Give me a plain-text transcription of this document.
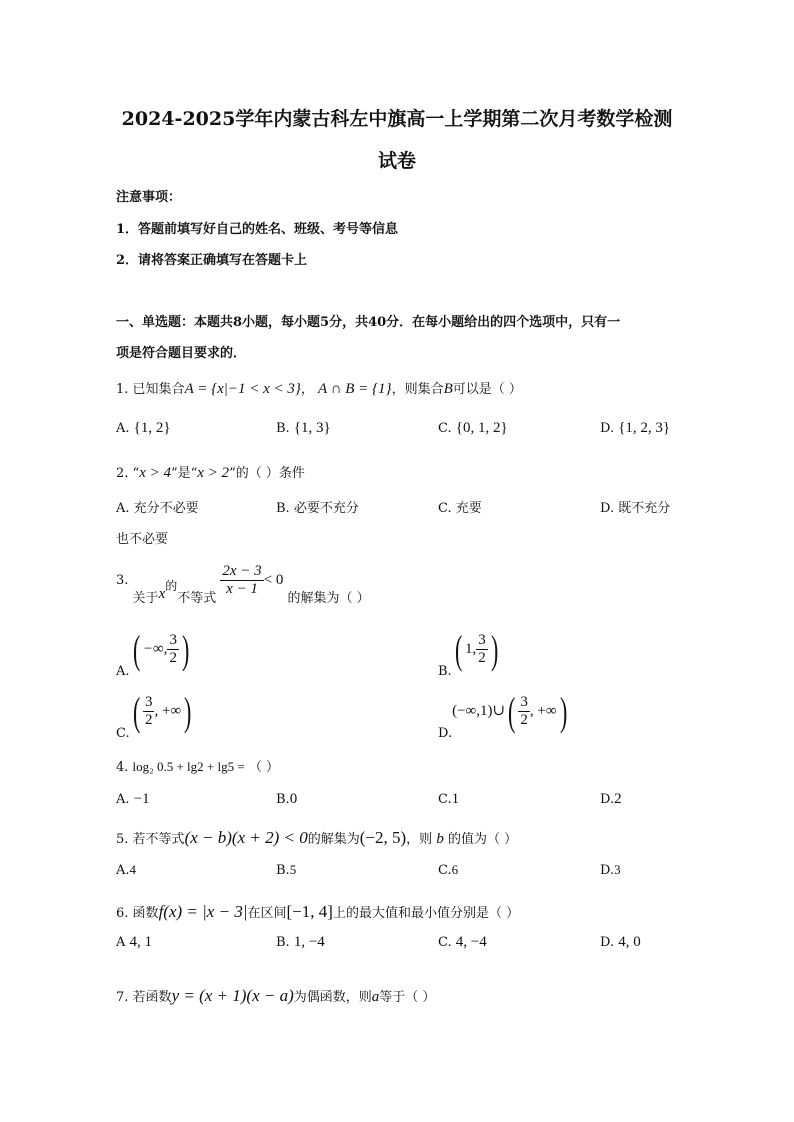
2024-2025学年内蒙古科左中旗高一上学期第二次月考数学检测
试卷
注意事项：
1．答题前填写好自己的姓名、班级、考号等信息
2．请将答案正确填写在答题卡上
一、单选题：本题共8小题，每小题5分，共40分．在每小题给出的四个选项中，只有一
项是符合题目要求的．
1. 已知集合A = {x|−1 < x < 3}， A ∩ B = {1}，则集合B可以是（ ）
A. {1, 2}	B. {1, 3}	C. {0, 1, 2}	D. {1, 2, 3}
2. “x > 4”是“x > 2”的（ ）条件
A. 充分不必要	B. 必要不充分	C. 充要	D. 既不充分
也不必要
3. 关于x的不等式
$\frac{2x - 3}{x - 1} < 0$ 的解集为（ ）
A.( −∞, $\frac{3}{2}$ )	B.( 1, $\frac{3}{2}$ )
$C.( \frac{3}{2}$ , +∞)	D.(−∞,1)∪( $\frac{3}{2}$ , +∞)
4. log₂ 0.5 + lg2 + lg5 = （ ）
A. −1	B.0	C.1	D.2
5. 若不等式(x − b)(x + 2) < 0的解集为(−2, 5)，则 b 的值为（ ）
A.4	B.5	C.6	D.3
6. 函数f(x) = |x − 3|在区间[−1, 4]上的最大值和最小值分别是（ ）
A 4, 1	B. 1, −4	C. 4, −4	D. 4, 0
7. 若函数y = (x + 1)(x − a)为偶函数，则a等于（ ）
